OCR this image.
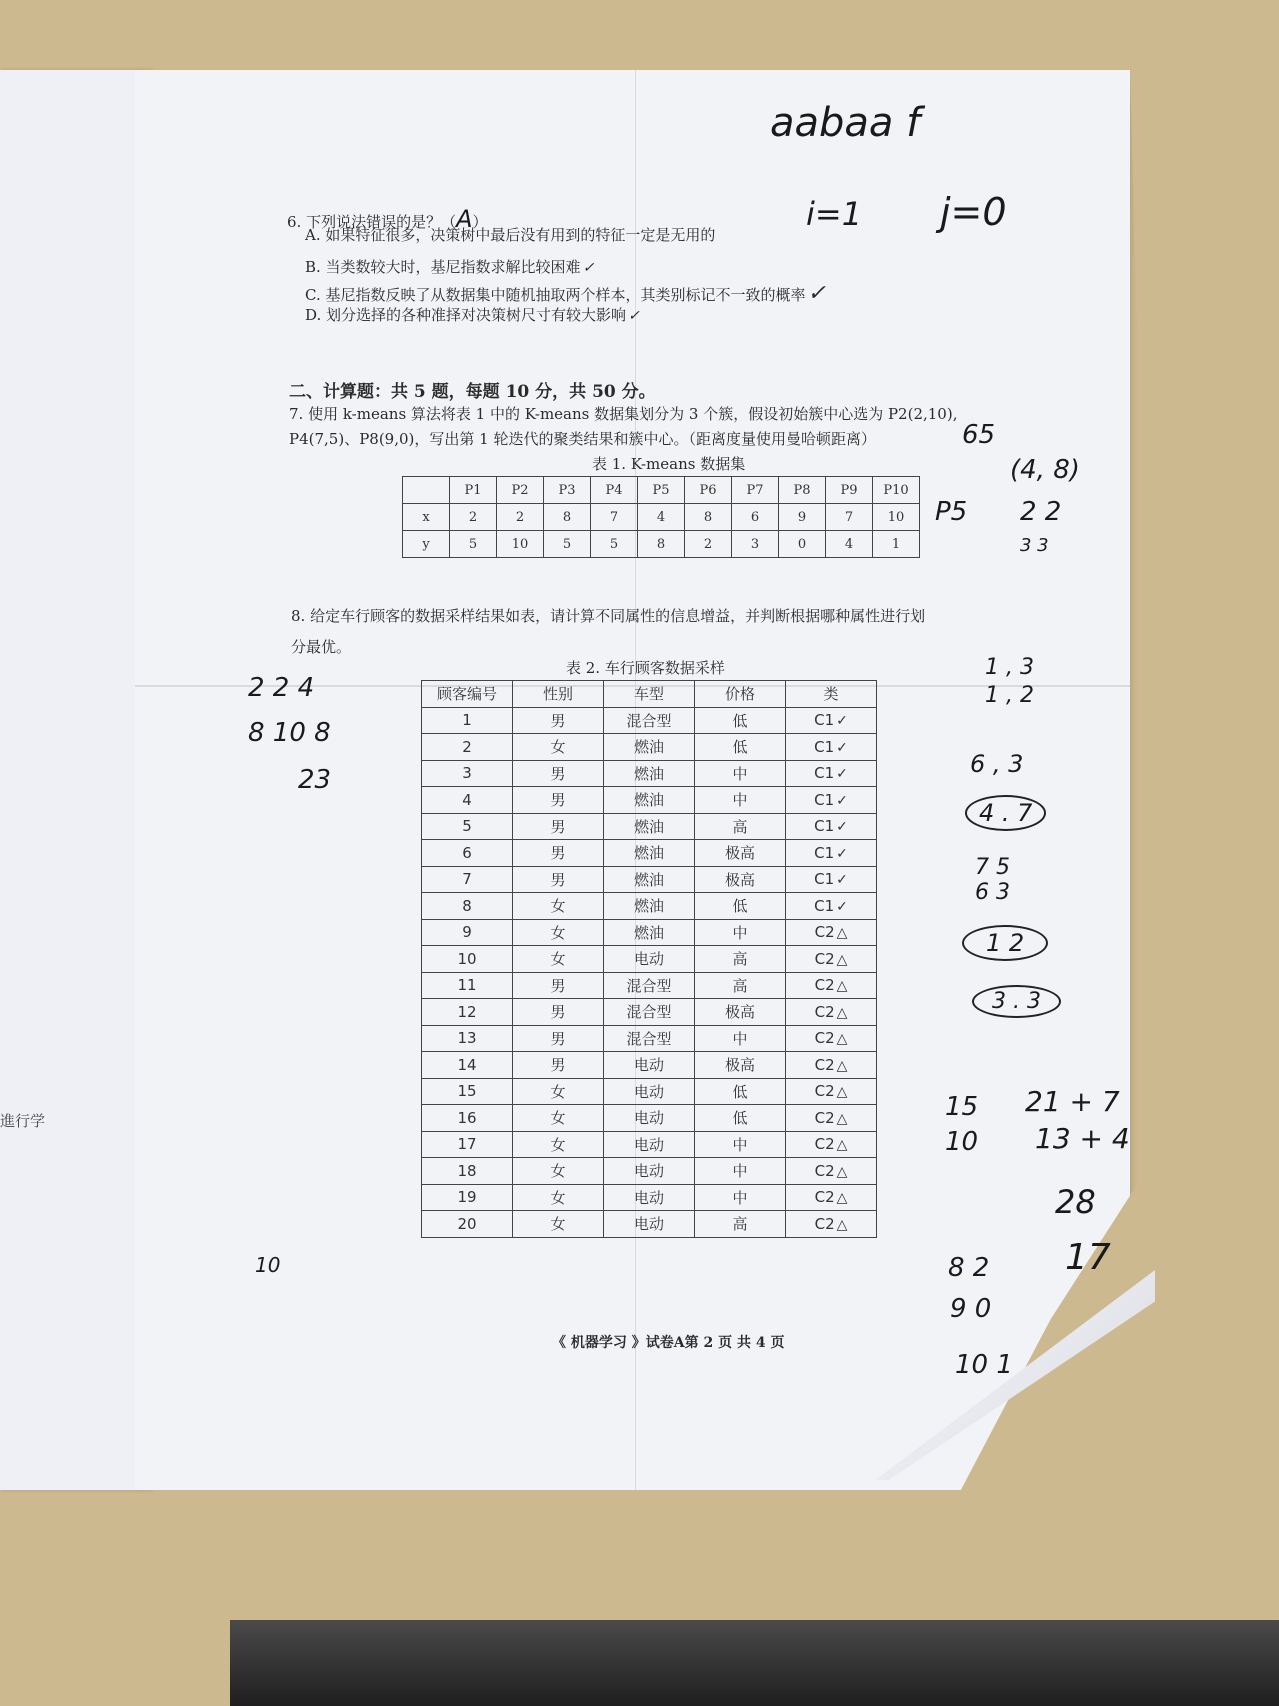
進行学
6. 下列说法错误的是？（A）
A. 如果特征很多，决策树中最后没有用到的特征一定是无用的
B. 当类数较大时，基尼指数求解比较困难 ✓
C. 基尼指数反映了从数据集中随机抽取两个样本，其类别标记不一致的概率✓
D. 划分选择的各种准择对决策树尺寸有较大影响 ✓
二、计算题：共 5 题，每题 10 分，共 50 分。
7. 使用 k-means 算法将表 1 中的 K-means 数据集划分为 3 个簇，假设初始簇中心选为 P2(2,10),
P4(7,5)、P8(9,0)，写出第 1 轮迭代的聚类结果和簇中心。（距离度量使用曼哈顿距离）
表 1. K-means 数据集
	P1	P2	P3	P4	P5	P6	P7	P8	P9	P10
x	2	2	8	7	4	8	6	9	7	10
y	5	10	5	5	8	2	3	0	4	1
8. 给定车行顾客的数据采样结果如表，请计算不同属性的信息增益，并判断根据哪种属性进行划
分最优。
表 2. 车行顾客数据采样
顾客编号	性别	车型	价格	类
1	男	混合型	低	C1 ✓
2	女	燃油	低	C1 ✓
3	男	燃油	中	C1 ✓
4	男	燃油	中	C1 ✓
5	男	燃油	高	C1 ✓
6	男	燃油	极高	C1 ✓
7	男	燃油	极高	C1 ✓
8	女	燃油	低	C1 ✓
9	女	燃油	中	C2 △
10	女	电动	高	C2 △
11	男	混合型	高	C2 △
12	男	混合型	极高	C2 △
13	男	混合型	中	C2 △
14	男	电动	极高	C2 △
15	女	电动	低	C2 △
16	女	电动	低	C2 △
17	女	电动	中	C2 △
18	女	电动	中	C2 △
19	女	电动	中	C2 △
20	女	电动	高	C2 △
《 机器学习 》试卷A第 2 页 共 4 页
aabaa f
i=1 j=0
65
(4, 8)
P5 2 2
3 3
1 , 3
1 , 2
2 2 4
8 10 8
23
6 , 3
4 . 7
7 5
6 3
1 2
3 . 3
15
10
21 + 7
13 + 4
28
17
10	8 2
9 0
10 1
